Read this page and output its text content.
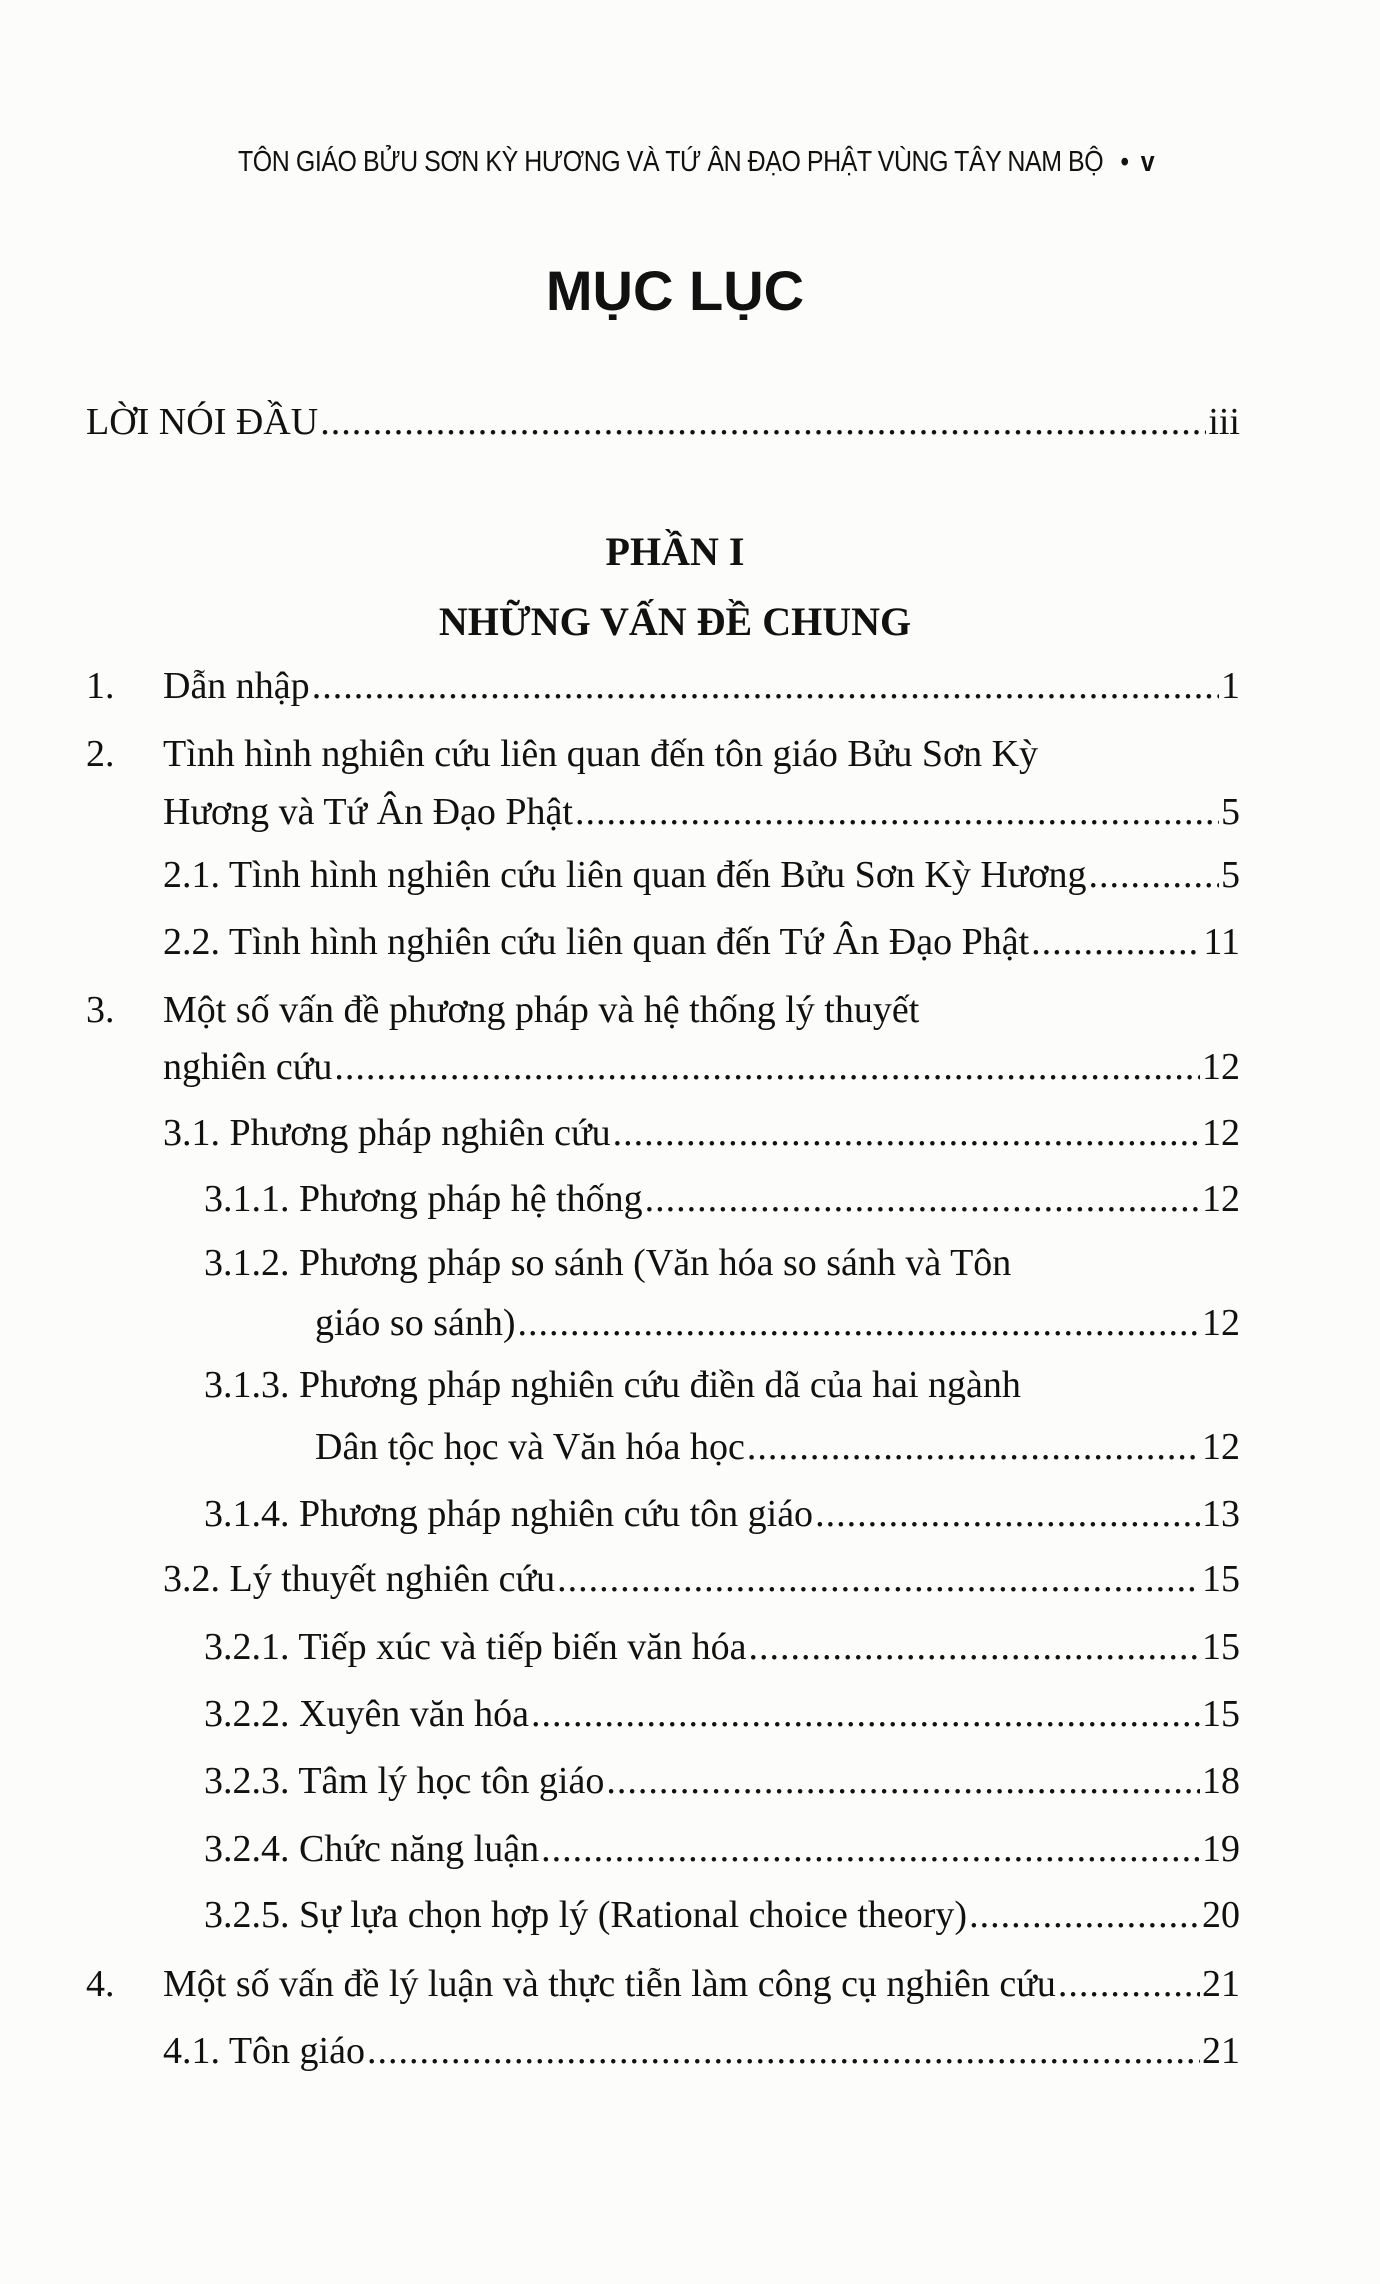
TÔN GIÁO BỬU SƠN KỲ HƯƠNG VÀ TỨ ÂN ĐẠO PHẬT VÙNG TÂY NAM BỘ • v
MỤC LỤC
LỜI NÓI ĐẦU .....	iii
PHẦN I
NHỮNG VẤN ĐỀ CHUNG
1.	Dẫn nhập .....	1
2.	Tình hình nghiên cứu liên quan đến tôn giáo Bửu Sơn Kỳ
Hương và Tứ Ân Đạo Phật .....	5
2.1. Tình hình nghiên cứu liên quan đến Bửu Sơn Kỳ Hương .....	5
2.2. Tình hình nghiên cứu liên quan đến Tứ Ân Đạo Phật .....	11
3.	Một số vấn đề phương pháp và hệ thống lý thuyết
nghiên cứu .....	12
3.1. Phương pháp nghiên cứu .....	12
3.1.1. Phương pháp hệ thống .....	12
3.1.2. Phương pháp so sánh (Văn hóa so sánh và Tôn
giáo so sánh) .....	12
3.1.3. Phương pháp nghiên cứu điền dã của hai ngành
Dân tộc học và Văn hóa học .....	12
3.1.4. Phương pháp nghiên cứu tôn giáo .....	13
3.2. Lý thuyết nghiên cứu .....	15
3.2.1. Tiếp xúc và tiếp biến văn hóa .....	15
3.2.2. Xuyên văn hóa .....	15
3.2.3. Tâm lý học tôn giáo .....	18
3.2.4. Chức năng luận .....	19
3.2.5. Sự lựa chọn hợp lý (Rational choice theory) .....	20
4.	Một số vấn đề lý luận và thực tiễn làm công cụ nghiên cứu .....	21
4.1. Tôn giáo .....	21
